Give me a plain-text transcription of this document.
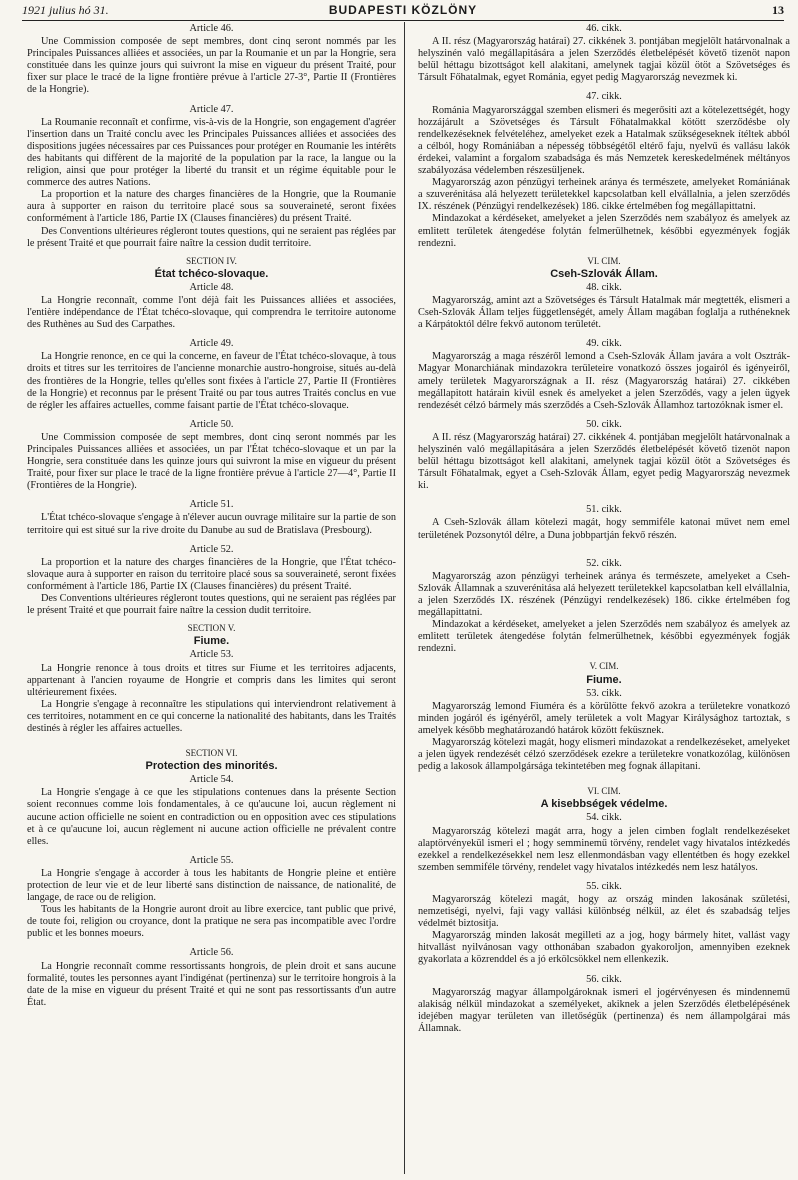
1921 julius hó 31.	BUDAPESTI KÖZLÖNY	13
Article 46.

Une Commission composée de sept membres, dont cinq seront nommés par les Principales Puissances alliées et associées, un par la Roumanie et un par la Hongrie, sera constituée dans les quinze jours qui suivront la mise en vigueur du présent Traité, pour fixer sur place le tracé de la ligne frontière prévue à l'article 27-3°, Partie II (Frontières de la Hongrie).

Article 47.

La Roumanie reconnaît et confirme, vis-à-vis de la Hongrie, son engagement d'agréer l'insertion dans un Traité conclu avec les Principales Puissances alliées et associées des dispositions jugées nécessaires par ces Puissances pour protéger en Roumanie les intérêts des habitants qui diffèrent de la majorité de la population par la race, la langue ou la religion, ainsi que pour protéger la liberté du transit et un régime équitable pour le commerce des autres Nations.

La proportion et la nature des charges financières de la Hongrie, que la Roumanie aura à supporter en raison du territoire placé sous sa souveraineté, seront fixées conformément à l'article 186, Partie IX (Clauses financières) du présent Traité.

Des Conventions ultérieures régleront toutes questions, qui ne seraient pas réglées par le présent Traité et que pourrait faire naître la cession dudit territoire.

SECTION IV.
État tchéco-slovaque.
Article 48.

La Hongrie reconnaît, comme l'ont déjà fait les Puissances alliées et associées, l'entière indépendance de l'État tchéco-slovaque, qui comprendra le territoire autonome des Ruthènes au Sud des Carpathes.

Article 49.

La Hongrie renonce, en ce qui la concerne, en faveur de l'État tchéco-slovaque, à tous droits et titres sur les territoires de l'ancienne monarchie austro-hongroise, situés au-delà des frontières de la Hongrie, telles qu'elles sont fixées à l'article 27, Partie II (Frontières de la Hongrie) et reconnus par le présent Traité ou par tous autres Traités conclus en vue de régler les affaires actuelles, comme faisant partie de l'État tchéco-slovaque.

Article 50.

Une Commission composée de sept membres, dont cinq seront nommés par les Principales Puissances alliées et associées, un par l'État tchéco-slovaque et un par la Hongrie, sera constituée dans les quinze jours qui suivront la mise en vigueur du présent Traité, pour fixer sur place le tracé de la ligne frontière prévue à l'article 27—4°, Partie II (Frontières de la Hongrie).

Article 51.

L'État tchéco-slovaque s'engage à n'élever aucun ouvrage militaire sur la partie de son territoire qui est situé sur la rive droite du Danube au sud de Bratislava (Presbourg).

Article 52.

La proportion et la nature des charges financières de la Hongrie, que l'État tchéco-slovaque aura à supporter en raison du territoire placé sous sa souveraineté, seront fixées conformément à l'article 186, Partie IX (Clauses financières) du présent Traité.

Des Conventions ultérieures régleront toutes questions, qui ne seraient pas réglées par le présent Traité et que pourrait faire naître la cession dudit territoire.

SECTION V.
Fiume.
Article 53.

La Hongrie renonce à tous droits et titres sur Fiume et les territoires adjacents, appartenant à l'ancien royaume de Hongrie et compris dans les limites qui seront ultérieurement fixées.

La Hongrie s'engage à reconnaître les stipulations qui interviendront relativement à ces territoires, notamment en ce qui concerne la nationalité des habitants, dans les Traités destinés à régler les affaires actuelles.

SECTION VI.
Protection des minorités.
Article 54.

La Hongrie s'engage à ce que les stipulations contenues dans la présente Section soient reconnues comme lois fondamentales, à ce qu'aucune loi, aucun règlement ni aucune action officielle ne soient en contradiction ou en opposition avec ces stipulations et à ce qu'aucune loi, aucun règlement ni aucune action officielle ne prévalent contre elles.

Article 55.

La Hongrie s'engage à accorder à tous les habitants de Hongrie pleine et entière protection de leur vie et de leur liberté sans distinction de naissance, de nationalité, de langage, de race ou de religion.

Tous les habitants de la Hongrie auront droit au libre exercice, tant public que privé, de toute foi, religion ou croyance, dont la pratique ne sera pas incompatible avec l'ordre public et les bonnes moeurs.

Article 56.

La Hongrie reconnaît comme ressortissants hongrois, de plein droit et sans aucune formalité, toutes les personnes ayant l'indigénat (pertinenza) sur le territoire hongrois à la date de la mise en vigueur du présent Traité et qui ne sont pas ressortissants d'un autre État.

46. cikk.

A II. rész (Magyarország határai) 27. cikkének 3. pontjában megjelölt határvonalnak a helyszinén való megállapitására a jelen Szerződés életbelépését követő tizenöt napon belül héttagu bizottságot kell alakitani, amelynek tagjai közül ötöt a Szövetséges és Társult Főhatalmak, egyet Románia, egyet pedig Magyarország nevezmek ki.

47. cikk.

Románia Magyarországgal szemben elismeri és megerősiti azt a kötelezettségét, hogy hozzájárult a Szövetséges és Társult Főhatalmakkal kötött szerződésbe oly rendelkezéseknek felvételéhez, amelyeket ezek a Hatalmak szükségeseknek ítéltek abból a célból, hogy Romániában a népesség többségétől eltérő faju, nyelvű és vallásu lakók érdekei, valamint a forgalom szabadsága és más Nemzetek kereskedelmének méltányos szabályozása védelemben részesüljenek.

Magyarország azon pénzügyi terheinek aránya és természete, amelyeket Romániának a szuverénitása alá helyezett területekkel kapcsolatban kell elvállalnia, a jelen szerződés IX. részének (Pénzügyi rendelkezések) 186. cikke értelmében fog megállapittatni.

Mindazokat a kérdéseket, amelyeket a jelen Szerződés nem szabályoz és amelyek az emlitett területek átengedése folytán felmerülhetnek, későbbi egyezmények fogják rendezni.

VI. CIM.
Cseh-Szlovák Állam.
48. cikk.

Magyarország, amint azt a Szövetséges és Társult Hatalmak már megtették, elismeri a Cseh-Szlovák Állam teljes függetlenségét, amely Állam magában foglalja a ruthéneknek a Kárpátoktól délre fekvő autonom területét.

49. cikk.

Magyarország a maga részéről lemond a Cseh-Szlovák Állam javára a volt Osztrák-Magyar Monarchiának mindazokra területeire vonatkozó összes jogairól és igényeiről, amely területek Magyarországnak a II. rész (Magyarország határai) 27. cikkében megállapitott határain kivül esnek és amelyeket a jelen Szerződés, vagy a jelen ügyek rendezését célzó bármely más szerződés a Cseh-Szlovák Államhoz tartozóknak ismer el.

50. cikk.

A II. rész (Magyarország határai) 27. cikkének 4. pontjában megjelölt határvonalnak a helyszinén való megállapitására a jelen Szerződés életbelépését követő tizenöt napon belül héttagu bizottságot kell alakitani, amelynek tagjai közül ötöt a Szövetséges és Társult Főhatalmak, egyet a Cseh-Szlovák Állam, egyet pedig Magyarország nevezmek ki.

51. cikk.

A Cseh-Szlovák állam kötelezi magát, hogy semmiféle katonai művet nem emel területének Pozsonytól délre, a Duna jobbpartján fekvő részén.

52. cikk.

Magyarország azon pénzügyi terheinek aránya és természete, amelyeket a Cseh-Szlovák Államnak a szuverénitása alá helyezett területekkel kapcsolatban kell elvállalnia, a jelen Szerződés IX. részének (Pénzügyi rendelkezések) 186. cikke értelmében fog megállapittatni.

Mindazokat a kérdéseket, amelyeket a jelen Szerződés nem szabályoz és amelyek az emlitett területek átengedése folytán felmerülhetnek, későbbi egyezmények fogják rendezni.

V. CIM.
Fiume.
53. cikk.

Magyarország lemond Fiuméra és a körülötte fekvő azokra a területekre vonatkozó minden jogáról és igényéről, amely területek a volt Magyar Királysághoz tartoztak, s amelyek később meghatározandó határok között feküsznek.

Magyarország kötelezi magát, hogy elismeri mindazokat a rendelkezéseket, amelyeket a jelen ügyek rendezését célzó szerződések ezekre a területekre vonatkozólag, különösen pedig a lakosok állampolgársága tekintetében meg fognak állapitani.

VI. CIM.
A kisebbségek védelme.
54. cikk.

Magyarország kötelezi magát arra, hogy a jelen cimben foglalt rendelkezéseket alaptörvényekül ismeri el ; hogy semminemű törvény, rendelet vagy hivatalos intézkedés ezekkel a rendelkezésekkel nem lesz ellenmondásban vagy ellentétben és hogy ezekkel szemben semmiféle törvény, rendelet vagy hivatalos intézkedés nem lesz hatályos.

55. cikk.

Magyarország kötelezi magát, hogy az ország minden lakosának születési, nemzetiségi, nyelvi, faji vagy vallási különbség nélkül, az élet és szabadság teljes védelmét biztositja.

Magyarország minden lakosát megilleti az a jog, hogy bármely hitet, vallást vagy hitvallást nyilvánosan vagy otthonában szabadon gyakoroljon, amennyiben ezeknek gyakorlata a közrenddel és a jó erkölcsökkel nem ellenkezik.

56. cikk.

Magyarország magyar állampolgároknak ismeri el jogérvényesen és mindennemű alakiság nélkül mindazokat a személyeket, akiknek a jelen Szerződés életbelépésének idejében magyar területen van illetőségük (pertinenza) és nem állampolgárai más Államnak.
